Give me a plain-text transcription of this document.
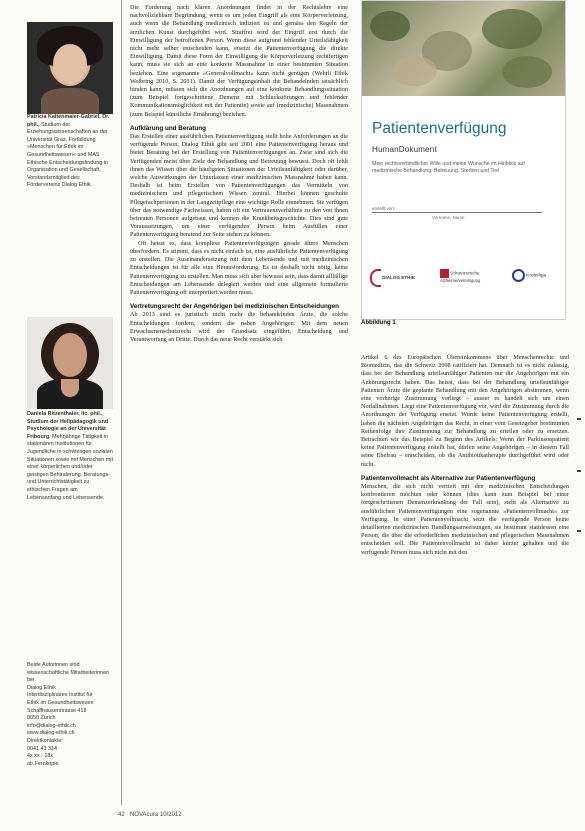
Patricia Kaltenmaier-Gabriel, Dr. phil., Studium der Erziehungswissenschaften an der Universität Graz, Fortbildung »Menschen für Ethik im Gesundheitswesen« und MAS Ethische Entscheidungsfindung in Organisation und Gesellschaft, Vorstandsmitglied des Fördervereins Dialog Ethik.
Daniela Ritzenthaler, lic. phil., Studium der Heilpädagogik und Psychologie an der Universität Fribourg. Mehrjährige Tätigkeit in stationären Institutionen für Jugendliche in schwierigen sozialen Situationen sowie mit Menschen mit einer körperlichen und/oder geistigen Behinderung. Beratungs- und Unterrichtstätigkeit zu ethischen Fragen am Lebensanfang und Lebensende.
Beide Autorinnen sind
wissenschaftliche Mitarbeiterinnen bei
Dialog Ethik
Interdisziplinäres Institut für
Ethik im Gesundheitswesen
Schaffhauserstrasse 418
8050 Zürich
info@dialog-ethik.ch
www.dialog-ethik.ch
Direktkontakte:
0041 43 314
4x xx - 18x
ab Fernkopie

Die Forderung nach klaren Anordnungen findet in der Rechtslehre eine nachvollziehbare Begründung, wenn es um jeden Eingriff als eine Körperverletzung, auch wenn die Behandlung medizinisch indiziert ist und gemäss den Regeln der ärztlichen Kunst durchgeführt wird. Straffrei wird der Eingriff erst durch die Einwilligung der betroffenen Person. Wenn diese aufgrund fehlender Urteilsfähigkeit nicht mehr selber entscheiden kann, ersetzt die Patientenverfügung die direkte Einwilligung. Damit diese Form der Einwilligung die Körperverletzung rechtfertigen kann, muss sie sich an eine konkrete Massnahme in einer bestimmten Situation beziehen. Eine sogenannte »Generalvollmacht« kann nicht genügen (Wehrli Ethik Wolbring 2010, S. 2031). Damit der Verfügungsinhalt die Behandelnden tatsächlich binden kann, müssen sich die Anordnungen auf eine konkrete Behandlungssituation (zum Beispiel fortgeschrittene Demenz mit Schluckstörungen und fehlender Kommunikationsmöglichkeit mit der Patientin) sowie auf (medizinische) Massnahmen (zum Beispiel künstliche Ernährung) beziehen.

Aufklärung und Beratung

Das Erstellen einer ausführlichen Patientenverfügung stellt hohe Anforderungen an die verfügende Person. Dialog Ethik gibt seit 2001 eine Patientenverfügung heraus und bietet Beratung bei der Erstellung von Patientenverfügungen an. Zwar sind sich die Verfügenden meist über Ziele der Behandlung und Betreuung bewusst. Doch oft fehlt ihnen das Wissen über die häufigsten Situationen der Urteilsunfähigkeit oder darüber, welche Auswirkungen der Unterlassen einer medizinischen Massnahme haben kann. Deshalb ist beim Erstellen von Patientenverfügungen das Vermitteln von medizinischem und pflegerischem Wissen zentral. Hierbei können geschulte Pflegefachpersonen in der Langzeitpflege eine wichtige Rolle einnehmen. Sie verfügen über das notwendige Fachwissen, haben oft ein Vertrauensverhältnis zu den von ihnen betreuten Personen aufgebaut und kennen die Krankheitsgeschichte. Dies sind gute Voraussetzungen, um einer verfügenden Person beim Ausfüllen einer Patientenverfügung beratend zur Seite stehen zu können.

Oft heisst es, dass komplexe Patientenverfügungen gerade ältere Menschen überfordern. Es stimmt, dass es nicht einfach ist, eine ausführliche Patientenverfügung zu erstellen. Die Auseinandersetzung mit dem Lebensende und mit medizinischen Entscheidungen ist für alle eine Herausforderung. Es ist deshalb nicht nötig, keine Patientenverfügung zu erstellen. Man muss sich aber bewusst sein, dass damit allfällige Entscheidungen am Lebensende delegiert werden und eine allgemein formulierte Patientenverfügung oft interpretiert werden muss.

Vertretungsrecht der Angehörigen bei medizinischen Entscheidungen

Ab 2013 sind es juristisch nicht mehr die behandelnden Ärzte, die solche Entscheidungen fordern, sondern die nahen Angehörigen. Mit dem neuen Erwachsenenschutzrecht wird der Grundsatz eingeführt, Entscheidung und Verantwortung an Dritte. Durch das neue Recht verstärkt sich

Patientenverfügung
HumanDokument
Mein rechtsverbindlicher Wille und meine Wünsche im Hinblick auf medizinische Behandlung, Betreuung, Sterben und Tod
erstellt von:
Vorname, Name
DIALOG ETHIK
Schweizerische Alzheimervereinigung
Krebsliga
Abbildung 1

Artikel 6 des Europäischen Übereinkommens über Menschenrechte und Biomedizin, das die Schweiz 2008 ratifiziert hat. Demnach ist es nicht zulässig, dass bei der Behandlung urteilsunfähiger Patienten nur die Angehörigen mit ein Anhörungsrecht haben. Das heisst, dass bei der Behandlung urteilsunfähiger Patienten Ärzte die geplante Behandlung mit den Angehörigen abstimmen, wenn eine vorherige Zustimmung vorliegt – ausser es handelt sich um einen Notfallnahmen. Liegt eine Patientenverfügung vor, wird die Zustimmung durch die Anordnungen der Verfügung ersetzt. Wurde keine Patientenverfügung erstellt, haben die nächsten Angehörigen das Recht, in einer vom Gesetzgeber bestimmten Reihenfolge ihre Zustimmung zur Behandlung zu erteilen oder zu ersetzen. Betrachten wir das Beispiel zu Beginn des Artikels: Wenn der Parkinsonpatient keine Patientenverfügung erstellt hat, dürfen seine Angehörigen – in diesem Fall seine Ehefrau – entscheiden, ob die Antibiotikatherapie durchgeführt wird oder nicht.

Patientenvollmacht als Alternative zur Patientenverfügung

Menschen, die sich nicht vertieft mit den medizinischen Entscheidungen konfrontieren möchten oder können (dies kann zum Beispiel bei einer fortgeschrittenen Demenzerkrankung der Fall sein), steht als Alternative zu ausführlichen Patientenverfügungen eine sogenannte »Patientenvollmacht« zur Verfügung. In einer Patientenvollmacht setzt die verfügende Person keine detaillierten medizinischen Handlungsanweisungen, sie bestimmt stattdessen eine Person, die über die erforderlichen medizinischen und pflegerischen Massnahmen entscheiden soll. Die Patientenvollmacht ist daher kürzer gehalten und die verfügende Person muss sich nicht mit den

42 NOVAcura 10/2012
